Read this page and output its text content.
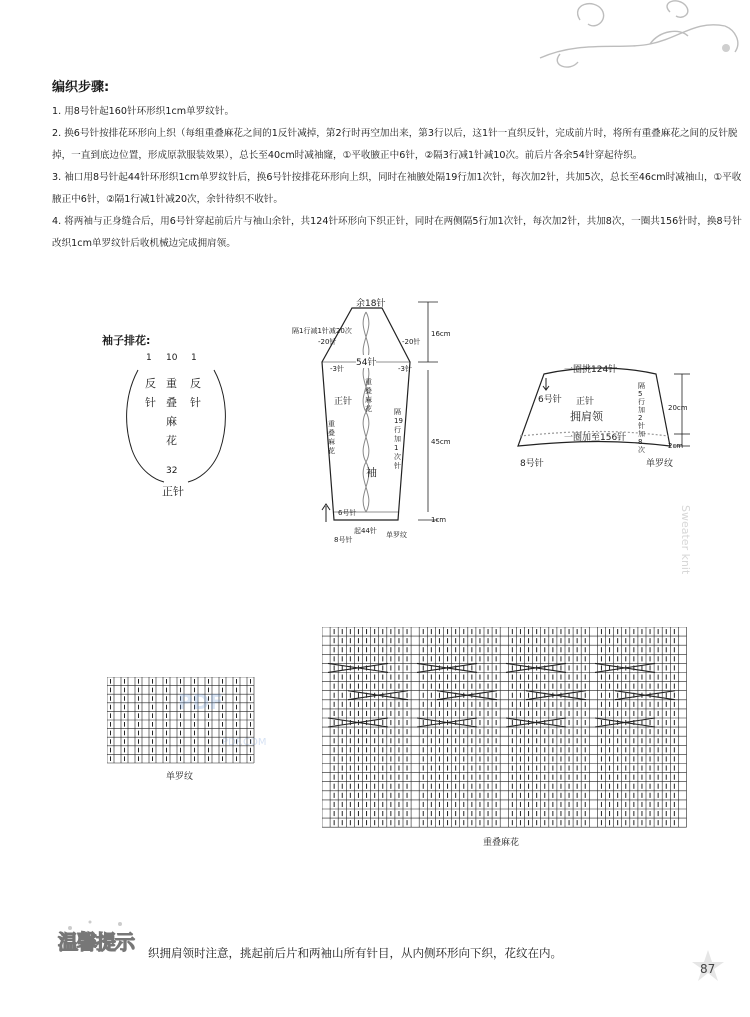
编织步骤:

1. 用8号针起160针环形织1cm单罗纹针。

2. 换6号针按排花环形向上织（每组重叠麻花之间的1反针减掉，第2行时再空加出来，第3行以后，这1针一直织反针，完成前片时，将所有重叠麻花之间的反针脱掉，一直到底边位置，形成原款服装效果），总长至40cm时减袖窿，①平收腋正中6针，②隔3行减1针减10次。前后片各余54针穿起待织。

3. 袖口用8号针起44针环形织1cm单罗纹针后，换6号针按排花环形向上织，同时在袖腋处隔19行加1次针，每次加2针，共加5次，总长至46cm时减袖山，①平收腋正中6针，②隔1行减1针减20次，余针待织不收针。

4. 将两袖与正身缝合后，用6号针穿起前后片与袖山余针，共124针环形向下织正针，同时在两侧隔5行加1次针，每次加2针，共加8次，一圈共156针时，换8号针改织1cm单罗纹针后收机械边完成拥肩领。

袖子排花:
1 10 1
反针
重叠麻花
反针
32
正针
余18针
隔1行减1针减20次
-20针	-20针
16cm
54针
-3针	-3针
正针
重叠麻花
袖
重叠麻花
隔19行加1次针
45cm
6号针
起44针
8号针
单罗纹
1cm
一圈挑124针
6号针 正针
拥肩领
隔5行加2针加8次
20cm
一圈加至156针
2cm
8号针	单罗纹
单罗纹
重叠麻花
PDF
PDF.COM
Sweater knit
温馨提示 织拥肩领时注意，挑起前后片和两袖山所有针目，从内侧环形向下织，花纹在内。
87
